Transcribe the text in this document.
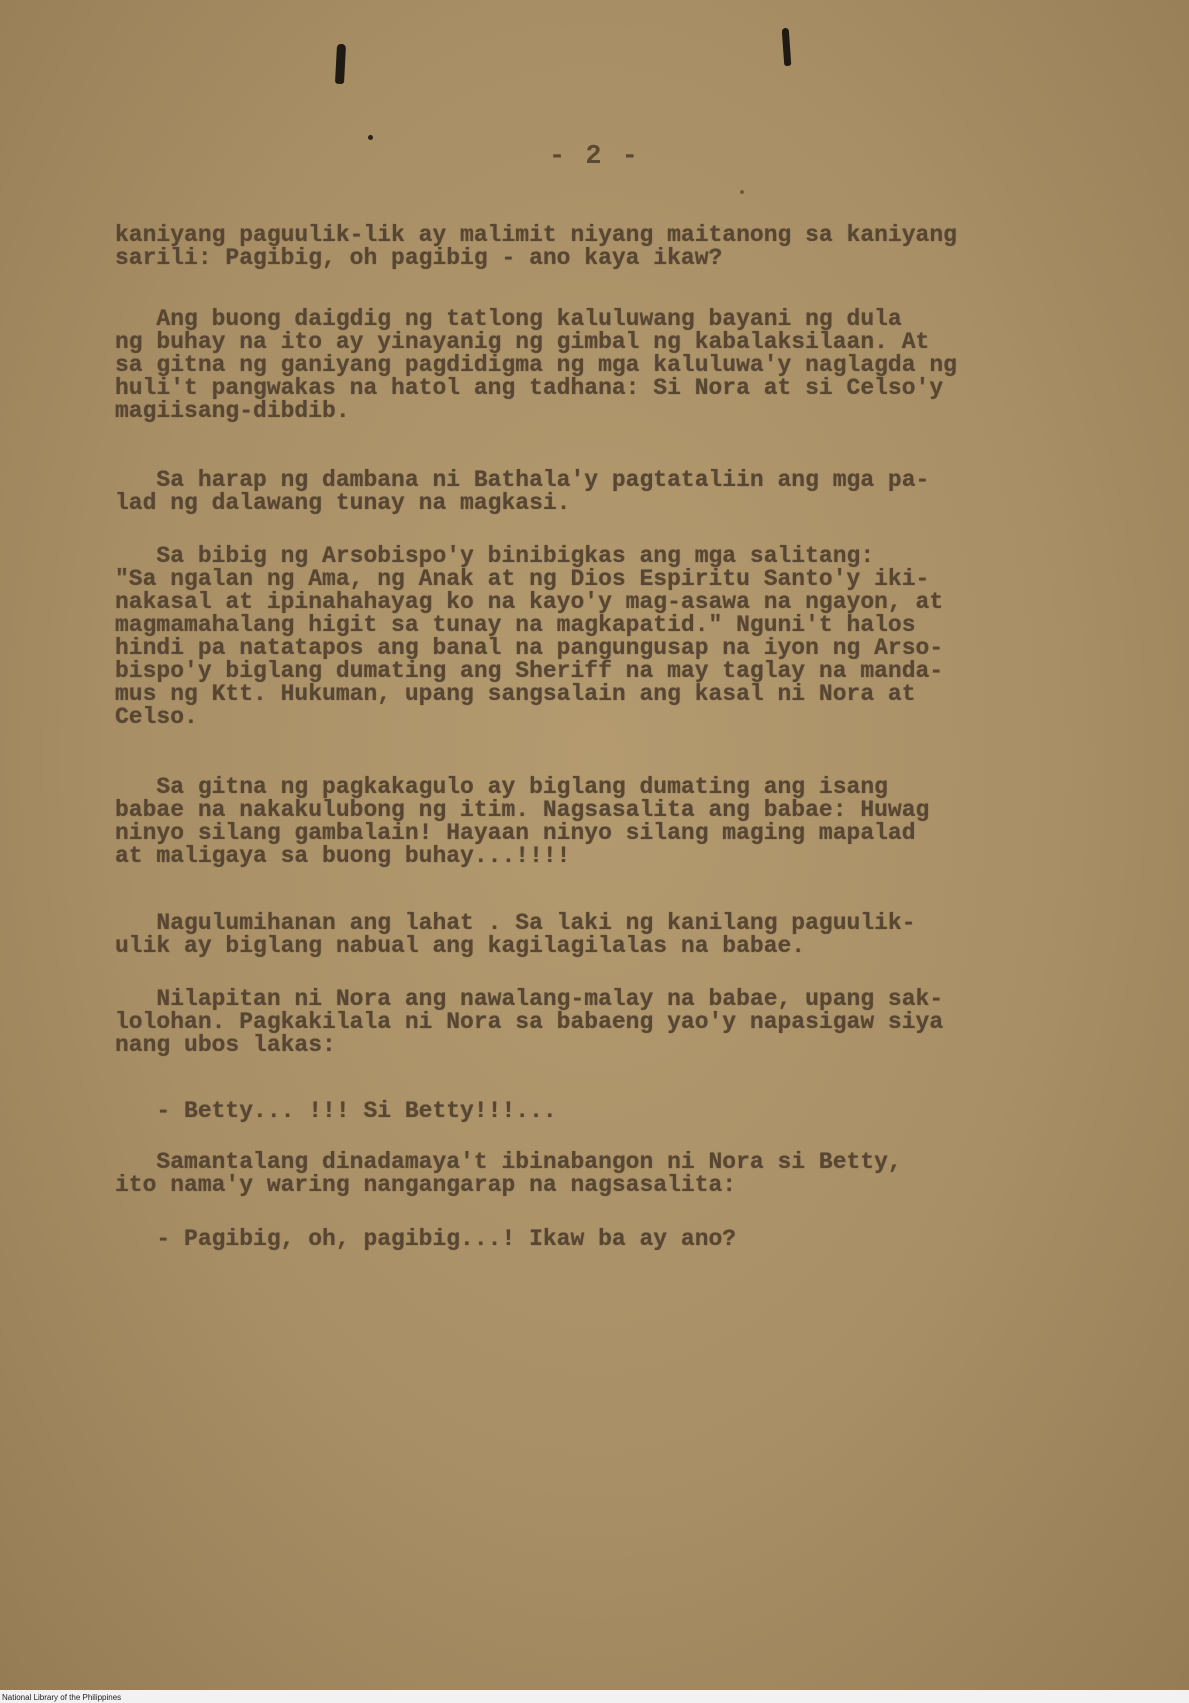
- 2 -

kaniyang paguulik-lik ay malimit niyang maitanong sa kaniyang
sarili: Pagibig, oh pagibig - ano kaya ikaw?

Ang buong daigdig ng tatlong kaluluwang bayani ng dula
ng buhay na ito ay yinayanig ng gimbal ng kabalaksilaan. At
sa gitna ng ganiyang pagdidigma ng mga kaluluwa'y naglagda ng
huli't pangwakas na hatol ang tadhana: Si Nora at si Celso'y
magiisang-dibdib.

Sa harap ng dambana ni Bathala'y pagtataliin ang mga pa-
lad ng dalawang tunay na magkasi.

Sa bibig ng Arsobispo'y binibigkas ang mga salitang:
"Sa ngalan ng Ama, ng Anak at ng Dios Espiritu Santo'y iki-
nakasal at ipinahahayag ko na kayo'y mag-asawa na ngayon, at
magmamahalang higit sa tunay na magkapatid." Nguni't halos
hindi pa natatapos ang banal na pangungusap na iyon ng Arso-
bispo'y biglang dumating ang Sheriff na may taglay na manda-
mus ng Ktt. Hukuman, upang sangsalain ang kasal ni Nora at
Celso.

Sa gitna ng pagkakagulo ay biglang dumating ang isang
babae na nakakulubong ng itim. Nagsasalita ang babae: Huwag
ninyo silang gambalain! Hayaan ninyo silang maging mapalad
at maligaya sa buong buhay...!!!!

Nagulumihanan ang lahat . Sa laki ng kanilang paguulik-
ulik ay biglang nabual ang kagilagilalas na babae.

Nilapitan ni Nora ang nawalang-malay na babae, upang sak-
lolohan. Pagkakilala ni Nora sa babaeng yao'y napasigaw siya
nang ubos lakas:

- Betty... !!! Si Betty!!!...

Samantalang dinadamaya't ibinabangon ni Nora si Betty,
ito nama'y waring nangangarap na nagsasalita:

- Pagibig, oh, pagibig...! Ikaw ba ay ano?

National Library of the Philippines
